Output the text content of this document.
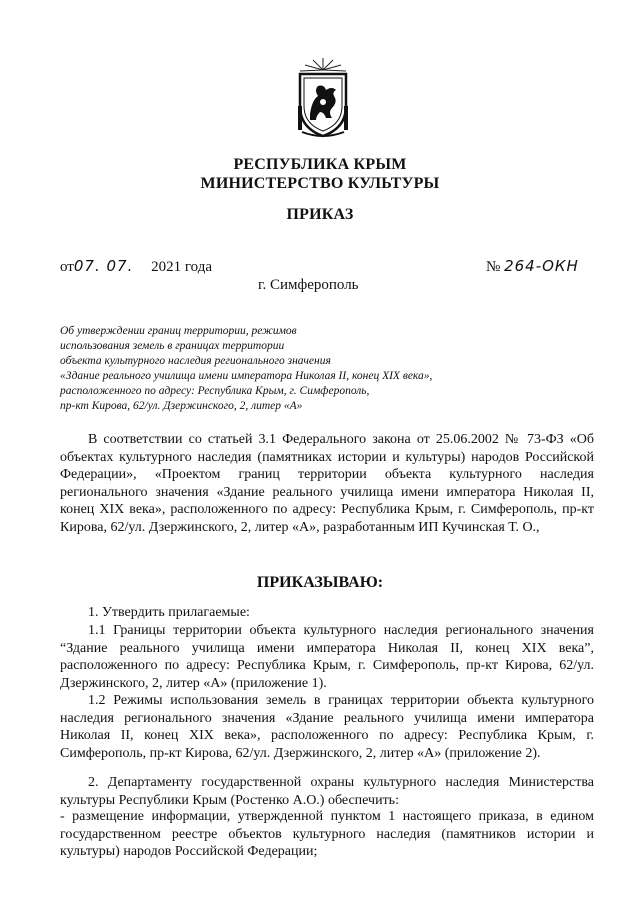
РЕСПУБЛИКА КРЫМ
МИНИСТЕРСТВО КУЛЬТУРЫ
ПРИКАЗ
от07. 07. 2021 года	№ 264-ОКН
г. Симферополь
Об утверждении границ территории, режимов
использования земель в границах территории
объекта культурного наследия регионального значения
«Здание реального училища имени императора Николая II, конец XIX века»,
расположенного по адресу: Республика Крым, г. Симферополь,
пр-кт Кирова, 62/ул. Дзержинского, 2, литер «А»
В соответствии со статьей 3.1 Федерального закона от 25.06.2002 № 73-ФЗ «Об объектах культурного наследия (памятниках истории и культуры) народов Российской Федерации», «Проектом границ территории объекта культурного наследия регионального значения «Здание реального училища имени императора Николая II, конец XIX века», расположенного по адресу: Республика Крым, г. Симферополь, пр-кт Кирова, 62/ул. Дзержинского, 2, литер «А», разработанным ИП Кучинская Т. О.,
ПРИКАЗЫВАЮ:
1. Утвердить прилагаемые:
1.1 Границы территории объекта культурного наследия регионального значения “Здание реального училища имени императора Николая II, конец XIX века”, расположенного по адресу: Республика Крым, г. Симферополь, пр-кт Кирова, 62/ул. Дзержинского, 2, литер «А» (приложение 1).
1.2 Режимы использования земель в границах территории объекта культурного наследия регионального значения «Здание реального училища имени императора Николая II, конец XIX века», расположенного по адресу: Республика Крым, г. Симферополь, пр-кт Кирова, 62/ул. Дзержинского, 2, литер «А» (приложение 2).
2. Департаменту государственной охраны культурного наследия Министерства культуры Республики Крым (Ростенко А.О.) обеспечить:
- размещение информации, утвержденной пунктом 1 настоящего приказа, в едином государственном реестре объектов культурного наследия (памятников истории и культуры) народов Российской Федерации;
